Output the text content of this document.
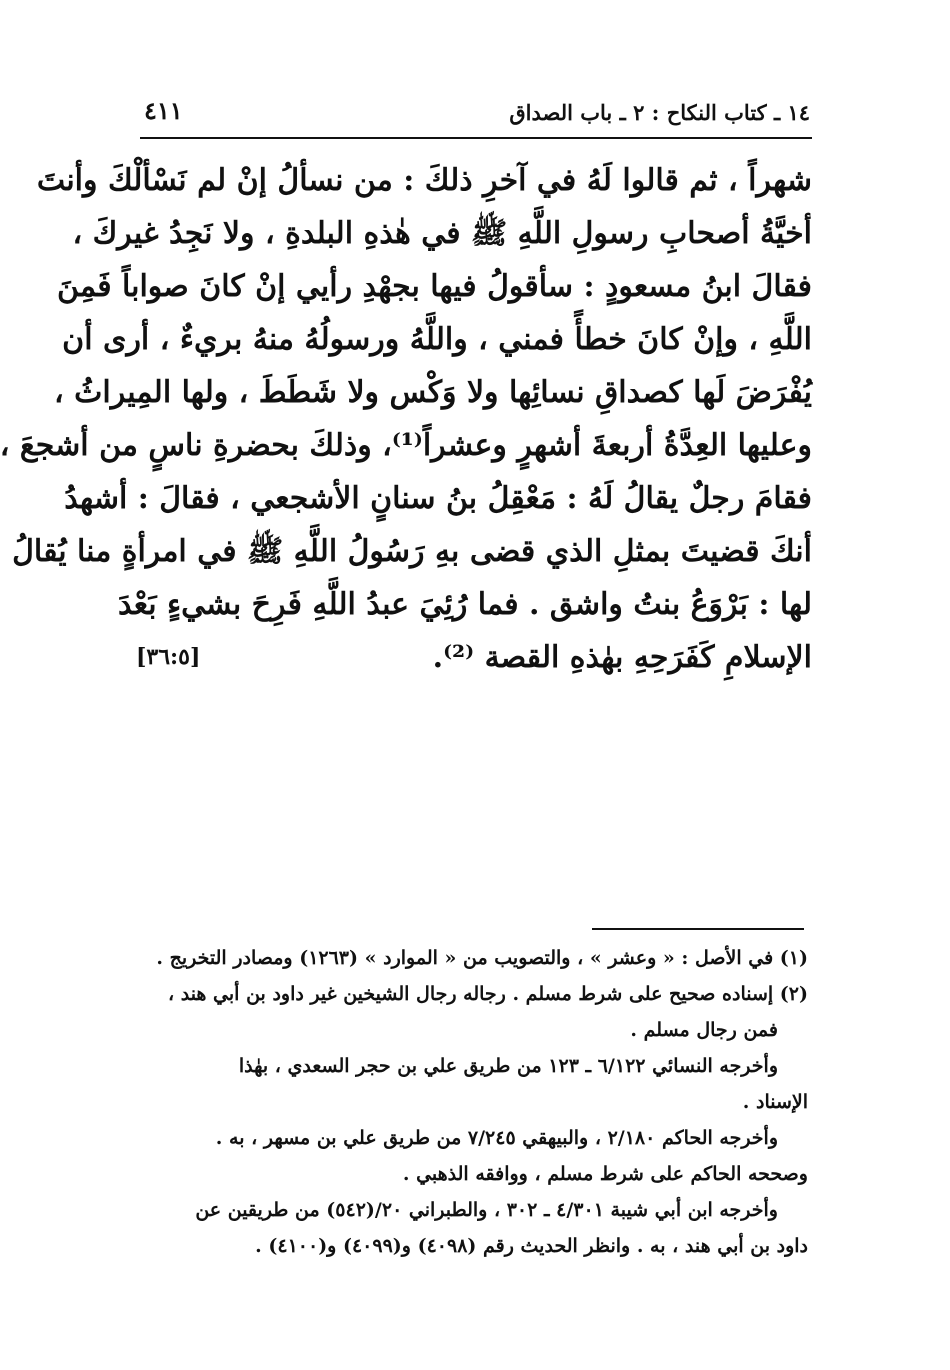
١٤ ـ كتاب النكاح : ٢ ـ باب الصداق
٤١١
شهراً ، ثم قالوا لَهُ في آخرِ ذلكَ : من نسألُ إنْ لم نَسْألْكَ وأنتَ
أخيَّةُ أصحابِ رسولِ اللَّهِ ﷺ في هٰذهِ البلدةِ ، ولا نَجِدُ غيركَ ،
فقالَ ابنُ مسعودٍ : سأقولُ فيها بجهْدِ رأيي إنْ كانَ صواباً فَمِنَ
اللَّهِ ، وإنْ كانَ خطأً فمني ، واللَّهُ ورسولُهُ منهُ بريءٌ ، أرى أن
يُفْرَضَ لَها كصداقِ نسائِها ولا وَكْس ولا شَطَطَ ، ولها المِيراثُ ،
وعليها العِدَّةُ أربعةَ أشهرٍ وعشراً⁽¹⁾، وذلكَ بحضرةِ ناسٍ من أشجعَ ،
فقامَ رجلٌ يقالُ لَهُ : مَعْقِلُ بنُ سنانٍ الأشجعي ، فقالَ : أشهدُ
أنكَ قضيتَ بمثلِ الذي قضى بهِ رَسُولُ اللَّهِ ﷺ في امرأةٍ منا يُقالُ
لها : بَرْوَعُ بنتُ واشق . فما رُئِيَ عبدُ اللَّهِ فَرِحَ بشيءٍ بَعْدَ
الإسلامِ كَفَرَحِهِ بهٰذهِ القصة ⁽²⁾.
[٣٦:٥]
(١) في الأصل : « وعشر » ، والتصويب من « الموارد » (١٢٦٣) ومصادر التخريج .
(٢) إسناده صحيح على شرط مسلم . رجاله رجال الشيخين غير داود بن أبي هند ،
فمن رجال مسلم .
وأخرجه النسائي ٦/١٢٢ ـ ١٢٣ من طريق علي بن حجر السعدي ، بهٰذا
الإسناد .
وأخرجه الحاكم ٢/١٨٠ ، والبيهقي ٧/٢٤٥ من طريق علي بن مسهر ، به .
وصححه الحاكم على شرط مسلم ، ووافقه الذهبي .
وأخرجه ابن أبي شيبة ٤/٣٠١ ـ ٣٠٢ ، والطبراني ٢٠/(٥٤٢) من طريقين عن
داود بن أبي هند ، به . وانظر الحديث رقم (٤٠٩٨) و(٤٠٩٩) و(٤١٠٠) .
